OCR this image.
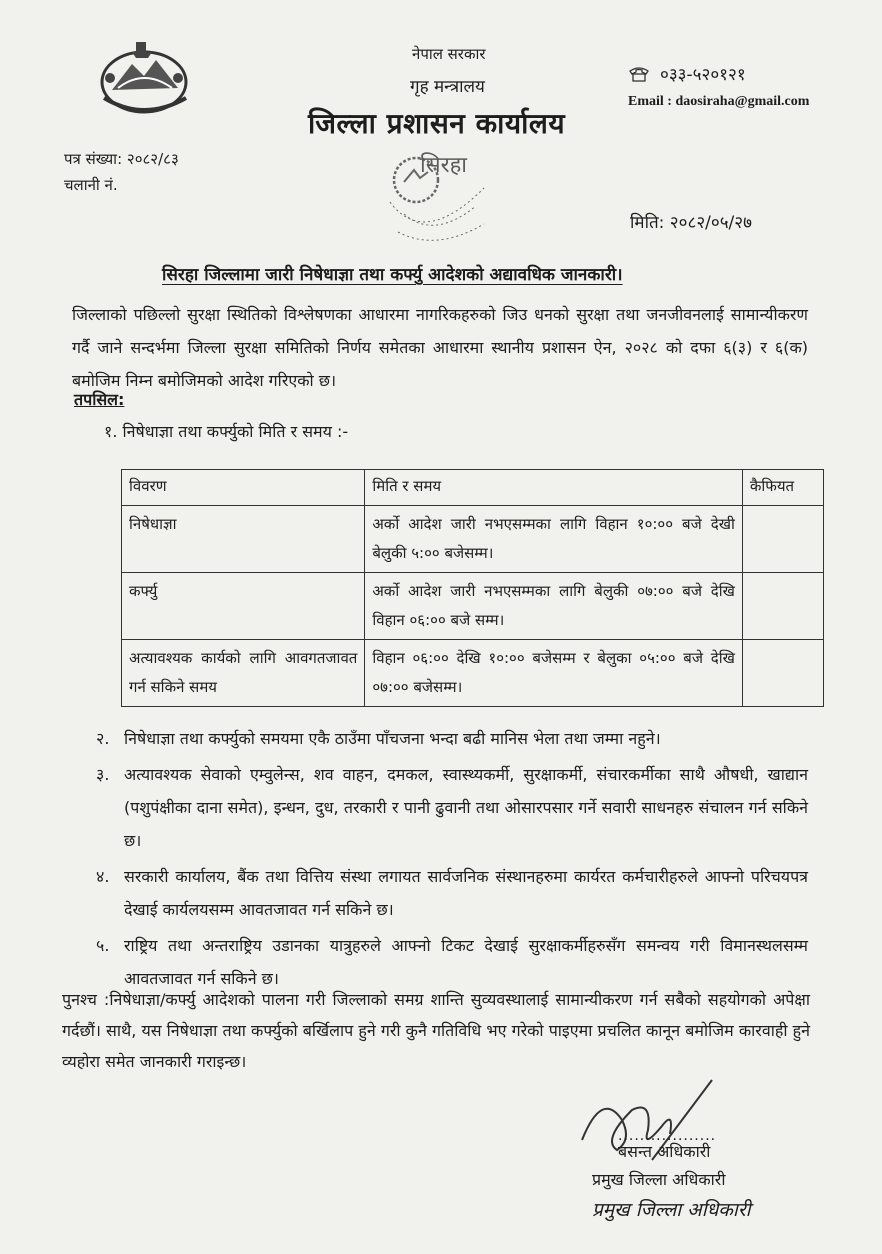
नेपाल सरकार
गृह मन्त्रालय
जिल्ला प्रशासन कार्यालय
०३३-५२०१२१
Email : daosiraha@gmail.com
पत्र संख्या: २०८२/८३
चलानी नं.
सिरहा
मिति: २०८२/०५/२७
सिरहा जिल्लामा जारी निषेधाज्ञा तथा कर्फ्यु आदेशको अद्यावधिक जानकारी।
जिल्लाको पछिल्लो सुरक्षा स्थितिको विश्लेषणका आधारमा नागरिकहरुको जिउ धनको सुरक्षा तथा जनजीवनलाई सामान्यीकरण गर्दै जाने सन्दर्भमा जिल्ला सुरक्षा समितिको निर्णय समेतका आधारमा स्थानीय प्रशासन ऐन, २०२८ को दफा ६(३) र ६(क) बमोजिम निम्न बमोजिमको आदेश गरिएको छ।
तपसिल:
१. निषेधाज्ञा तथा कर्फ्युको मिति र समय :-
विवरण	मिति र समय	कैफियत
निषेधाज्ञा	अर्को आदेश जारी नभएसम्मका लागि विहान १०:०० बजे देखी बेलुकी ५:०० बजेसम्म।	
कर्फ्यु	अर्को आदेश जारी नभएसम्मका लागि बेलुकी ०७:०० बजे देखि विहान ०६:०० बजे सम्म।	
अत्यावश्यक कार्यको लागि आवगतजावत गर्न सकिने समय	विहान ०६:०० देखि १०:०० बजेसम्म र बेलुका ०५:०० बजे देखि ०७:०० बजेसम्म।	
२. निषेधाज्ञा तथा कर्फ्युको समयमा एकै ठाउँमा पाँचजना भन्दा बढी मानिस भेला तथा जम्मा नहुने।
३. अत्यावश्यक सेवाको एम्वुलेन्स, शव वाहन, दमकल, स्वास्थ्यकर्मी, सुरक्षाकर्मी, संचारकर्मीका साथै औषधी, खाद्यान (पशुपंक्षीका दाना समेत), इन्धन, दुध, तरकारी र पानी ढुवानी तथा ओसारपसार गर्ने सवारी साधनहरु संचालन गर्न सकिने छ।
४. सरकारी कार्यालय, बैंक तथा वित्तिय संस्था लगायत सार्वजनिक संस्थानहरुमा कार्यरत कर्मचारीहरुले आफ्नो परिचयपत्र देखाई कार्यलयसम्म आवतजावत गर्न सकिने छ।
५. राष्ट्रिय तथा अन्तराष्ट्रिय उडानका यात्रुहरुले आफ्नो टिकट देखाई सुरक्षाकर्मीहरुसँग समन्वय गरी विमानस्थलसम्म आवतजावत गर्न सकिने छ।
पुनश्च :निषेधाज्ञा/कर्फ्यु आदेशको पालना गरी जिल्लाको समग्र शान्ति सुव्यवस्थालाई सामान्यीकरण गर्न सबैको सहयोगको अपेक्षा गर्दछौं। साथै, यस निषेधाज्ञा तथा कर्फ्युको बर्खिलाप हुने गरी कुनै गतिविधि भए गरेको पाइएमा प्रचलित कानून बमोजिम कारवाही हुने व्यहोरा समेत जानकारी गराइन्छ।
..................
बसन्त अधिकारी
प्रमुख जिल्ला अधिकारी
प्रमुख जिल्ला अधिकारी
